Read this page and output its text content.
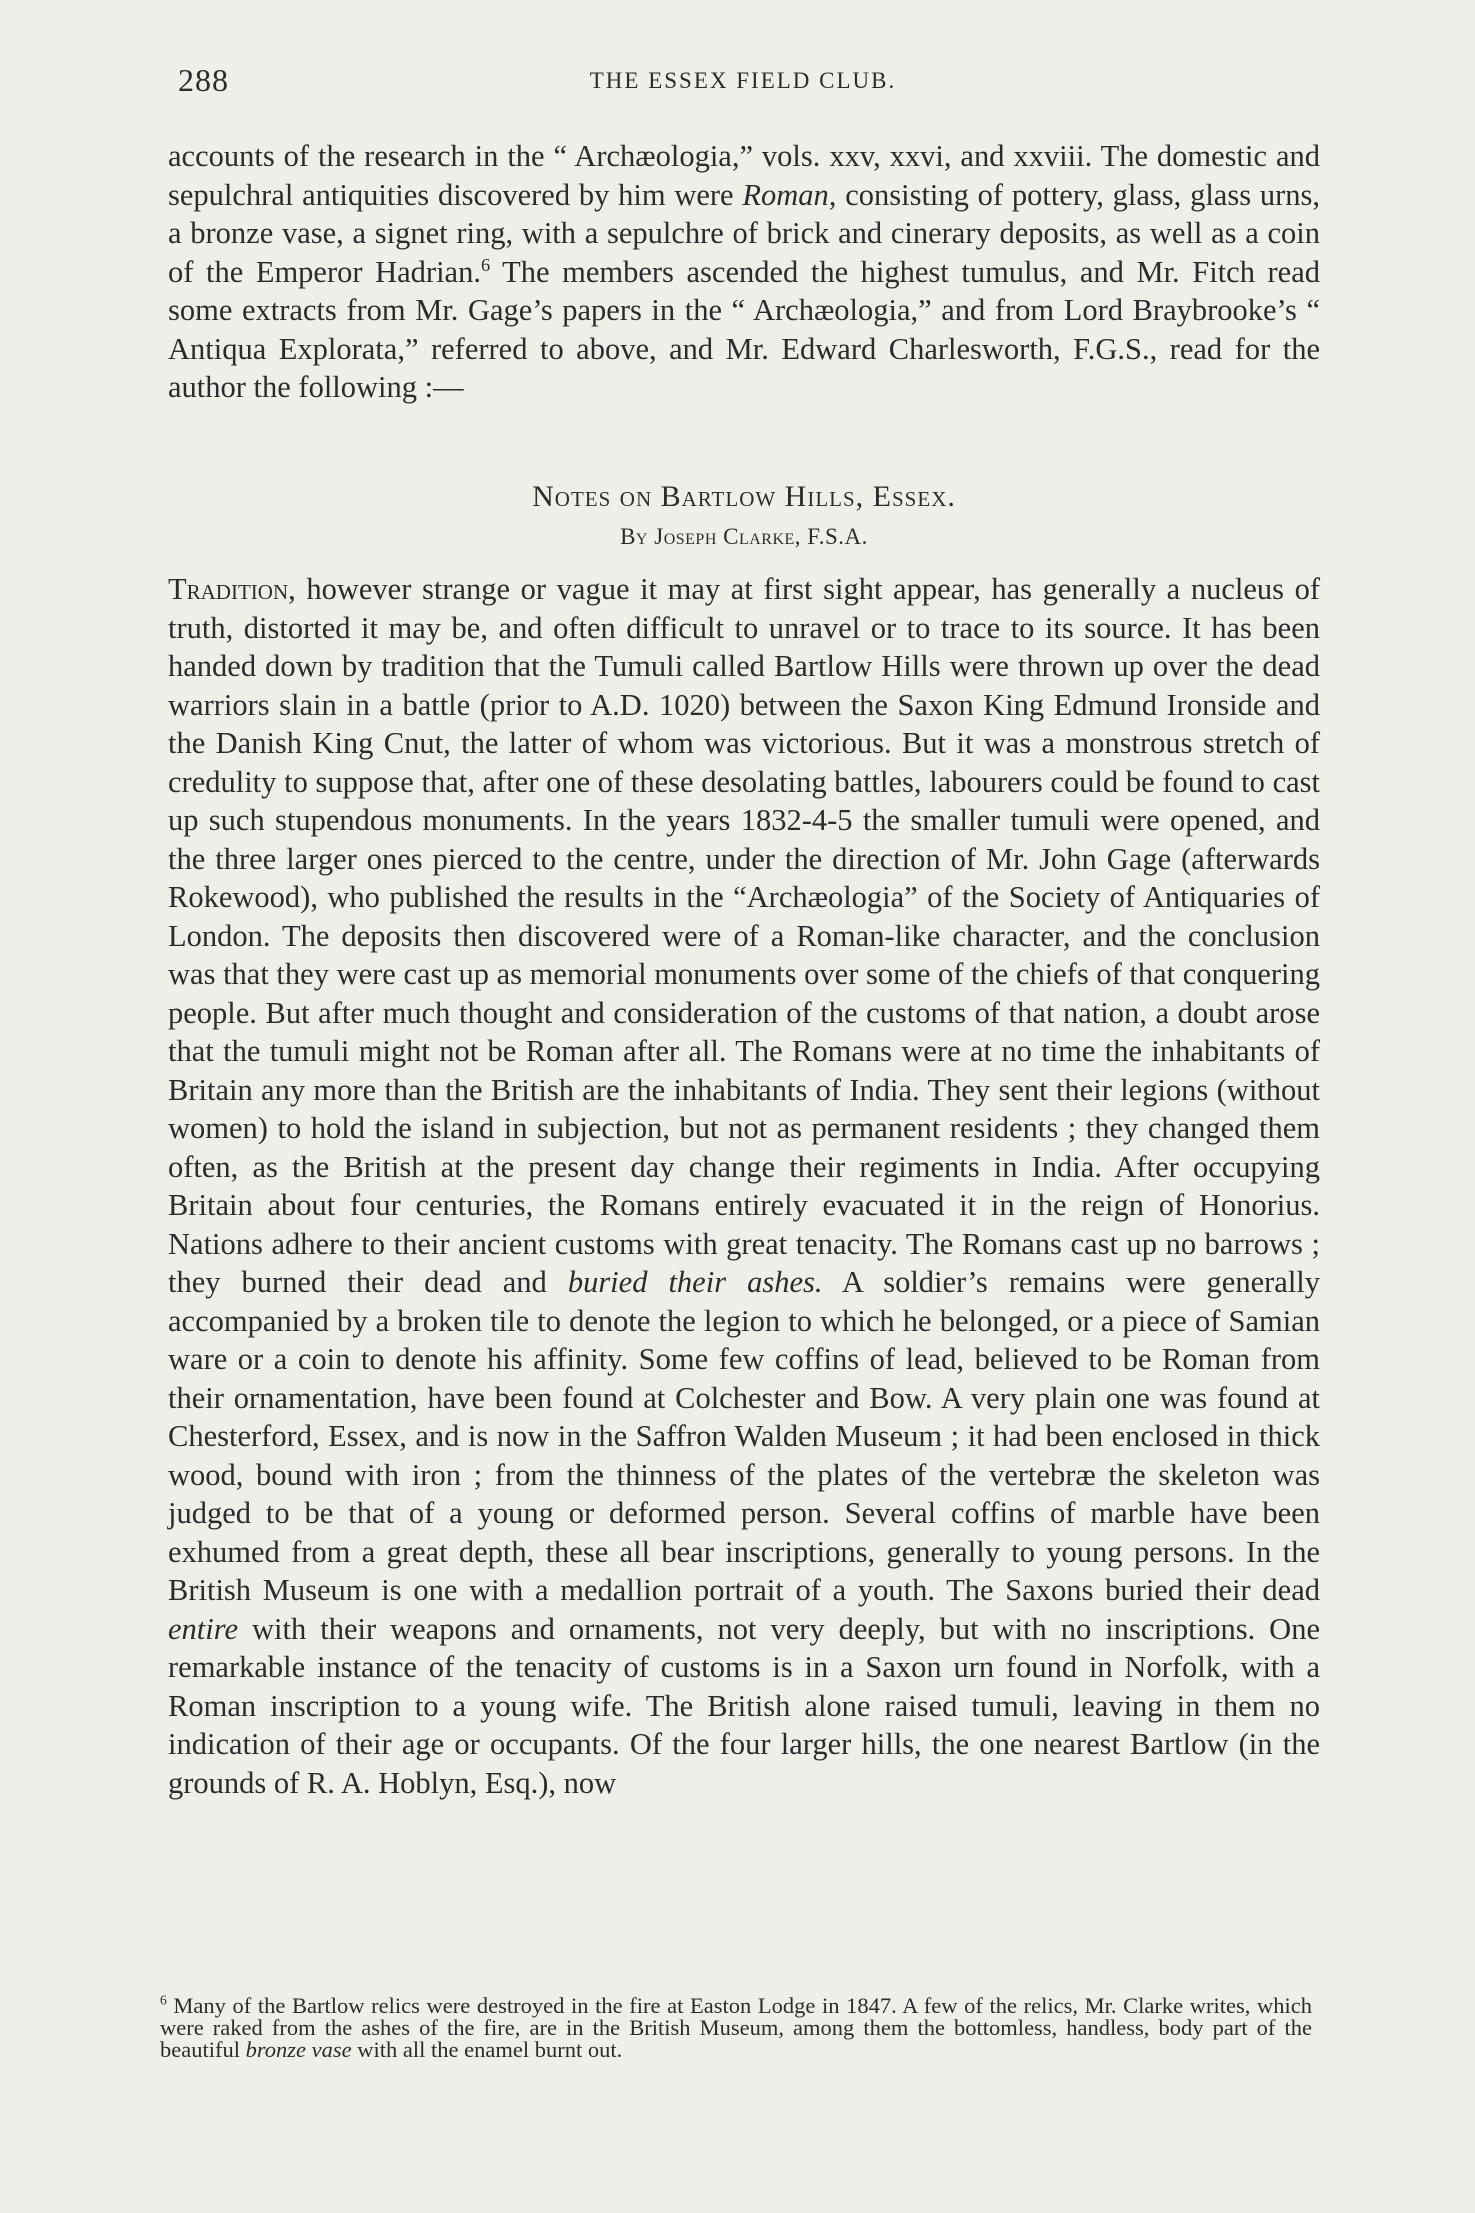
288	THE ESSEX FIELD CLUB.

accounts of the research in the “ Archæologia,” vols. xxv, xxvi, and xxviii. The domestic and sepulchral antiquities discovered by him were Roman, consisting of pottery, glass, glass urns, a bronze vase, a signet ring, with a sepulchre of brick and cinerary deposits, as well as a coin of the Emperor Hadrian.$^6$ The members ascended the highest tumulus, and Mr. Fitch read some extracts from Mr. Gage’s papers in the “ Archæologia,” and from Lord Braybrooke’s “ Antiqua Explorata,” referred to above, and Mr. Edward Charlesworth, F.G.S., read for the author the following :—

Notes on Bartlow Hills, Essex.
By Joseph Clarke, F.S.A.

Tradition, however strange or vague it may at first sight appear, has generally a nucleus of truth, distorted it may be, and often difficult to unravel or to trace to its source. It has been handed down by tradition that the Tumuli called Bartlow Hills were thrown up over the dead warriors slain in a battle (prior to A.D. 1020) between the Saxon King Edmund Ironside and the Danish King Cnut, the latter of whom was victorious. But it was a monstrous stretch of credulity to suppose that, after one of these desolating battles, labourers could be found to cast up such stupendous monuments. In the years 1832-4-5 the smaller tumuli were opened, and the three larger ones pierced to the centre, under the direction of Mr. John Gage (afterwards Rokewood), who published the results in the “Archæologia” of the Society of Antiquaries of London. The deposits then discovered were of a Roman-like character, and the conclusion was that they were cast up as memorial monuments over some of the chiefs of that conquering people. But after much thought and consideration of the customs of that nation, a doubt arose that the tumuli might not be Roman after all. The Romans were at no time the inhabitants of Britain any more than the British are the inhabitants of India. They sent their legions (without women) to hold the island in subjection, but not as permanent residents ; they changed them often, as the British at the present day change their regiments in India. After occupying Britain about four centuries, the Romans entirely evacuated it in the reign of Honorius. Nations adhere to their ancient customs with great tenacity. The Romans cast up no barrows ; they burned their dead and buried their ashes. A soldier’s remains were generally accompanied by a broken tile to denote the legion to which he belonged, or a piece of Samian ware or a coin to denote his affinity. Some few coffins of lead, believed to be Roman from their ornamentation, have been found at Colchester and Bow. A very plain one was found at Chesterford, Essex, and is now in the Saffron Walden Museum ; it had been enclosed in thick wood, bound with iron ; from the thinness of the plates of the vertebræ the skeleton was judged to be that of a young or deformed person. Several coffins of marble have been exhumed from a great depth, these all bear inscriptions, generally to young persons. In the British Museum is one with a medallion portrait of a youth. The Saxons buried their dead entire with their weapons and ornaments, not very deeply, but with no inscriptions. One remarkable instance of the tenacity of customs is in a Saxon urn found in Norfolk, with a Roman inscription to a young wife. The British alone raised tumuli, leaving in them no indication of their age or occupants. Of the four larger hills, the one nearest Bartlow (in the grounds of R. A. Hoblyn, Esq.), now

$^6$ Many of the Bartlow relics were destroyed in the fire at Easton Lodge in 1847. A few of the relics, Mr. Clarke writes, which were raked from the ashes of the fire, are in the British Museum, among them the bottomless, handless, body part of the beautiful bronze vase with all the enamel burnt out.
